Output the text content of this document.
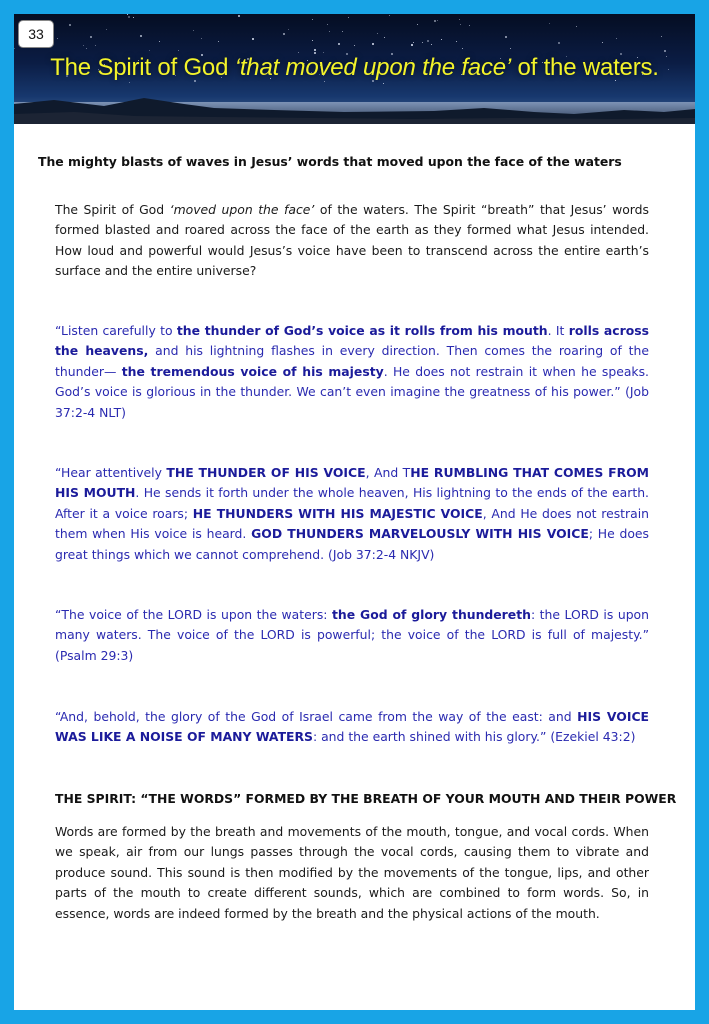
33
The Spirit of God ‘that moved upon the face’ of the waters.
The mighty blasts of waves in Jesus’ words that moved upon the face of the waters

The Spirit of God ‘moved upon the face’ of the waters. The Spirit “breath” that Jesus’ words formed blasted and roared across the face of the earth as they formed what Jesus intended. How loud and powerful would Jesus’s voice have been to transcend across the entire earth’s surface and the entire universe?

“Listen carefully to the thunder of God’s voice as it rolls from his mouth. It rolls across the heavens, and his lightning flashes in every direction. Then comes the roaring of the thunder— the tremendous voice of his majesty. He does not restrain it when he speaks. God’s voice is glorious in the thunder. We can’t even imagine the greatness of his power.” (Job 37:2-4 NLT)

“Hear attentively THE THUNDER OF HIS VOICE, And THE RUMBLING THAT COMES FROM HIS MOUTH. He sends it forth under the whole heaven, His lightning to the ends of the earth. After it a voice roars; HE THUNDERS WITH HIS MAJESTIC VOICE, And He does not restrain them when His voice is heard. GOD THUNDERS MARVELOUSLY WITH HIS VOICE; He does great things which we cannot comprehend. (Job 37:2-4 NKJV)

“The voice of the LORD is upon the waters: the God of glory thundereth: the LORD is upon many waters. The voice of the LORD is powerful; the voice of the LORD is full of majesty.” (Psalm 29:3)

“And, behold, the glory of the God of Israel came from the way of the east: and HIS VOICE WAS LIKE A NOISE OF MANY WATERS: and the earth shined with his glory.” (Ezekiel 43:2)

THE SPIRIT: “THE WORDS” FORMED BY THE BREATH OF YOUR MOUTH AND THEIR POWER

Words are formed by the breath and movements of the mouth, tongue, and vocal cords. When we speak, air from our lungs passes through the vocal cords, causing them to vibrate and produce sound. This sound is then modified by the movements of the tongue, lips, and other parts of the mouth to create different sounds, which are combined to form words. So, in essence, words are indeed formed by the breath and the physical actions of the mouth.
